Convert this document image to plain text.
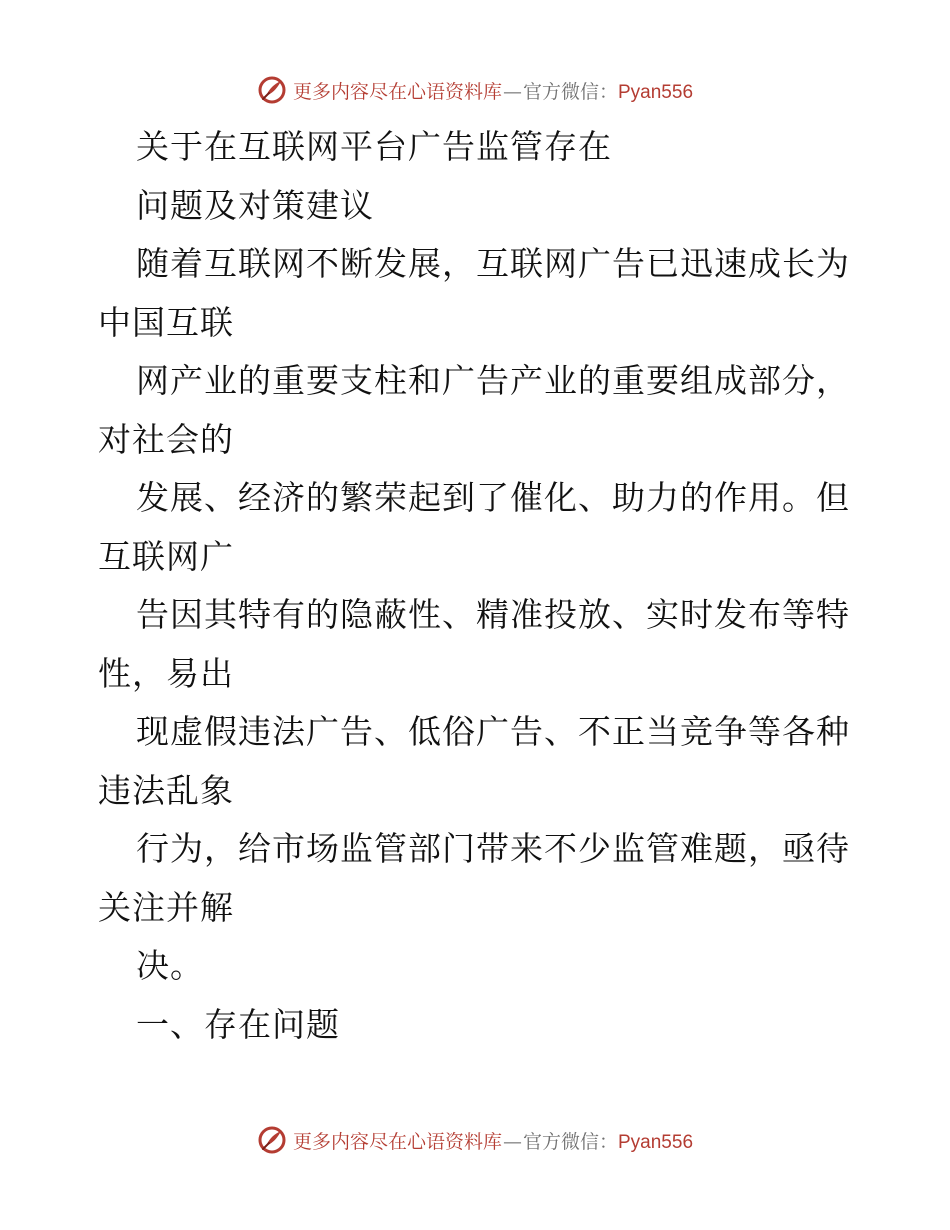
更多内容尽在心语资料库—官方微信：Pyan556
关于在互联网平台广告监管存在
问题及对策建议
随着互联网不断发展，互联网广告已迅速成长为
中国互联
网产业的重要支柱和广告产业的重要组成部分，
对社会的
发展、经济的繁荣起到了催化、助力的作用。但
互联网广
告因其特有的隐蔽性、精准投放、实时发布等特
性，易出
现虚假违法广告、低俗广告、不正当竞争等各种
违法乱象
行为，给市场监管部门带来不少监管难题，亟待
关注并解
决。
一、存在问题
更多内容尽在心语资料库—官方微信：Pyan556
